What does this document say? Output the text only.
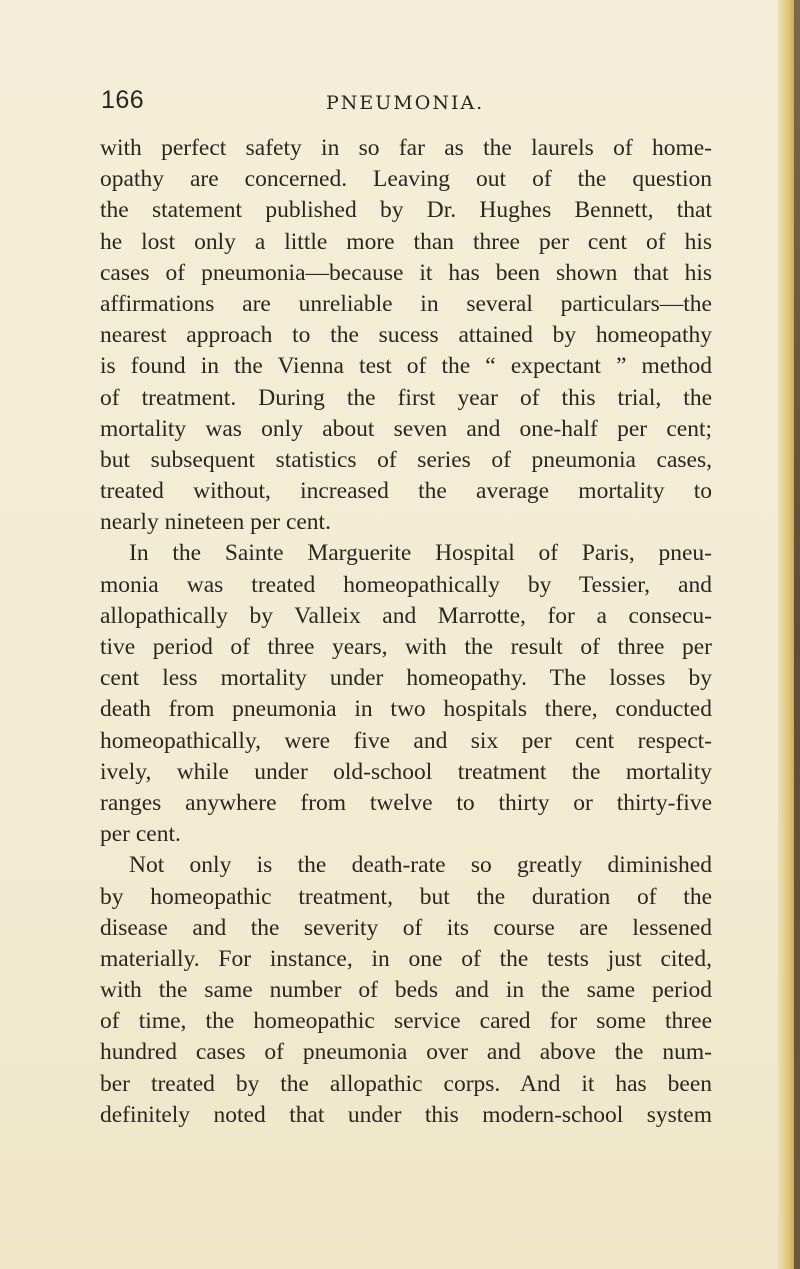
166	PNEUMONIA.
with perfect safety in so far as the laurels of home-
opathy are concerned. Leaving out of the question
the statement published by Dr. Hughes Bennett, that
he lost only a little more than three per cent of his
cases of pneumonia—because it has been shown that his
affirmations are unreliable in several particulars—the
nearest approach to the sucess attained by homeopathy
is found in the Vienna test of the “ expectant ” method
of treatment. During the first year of this trial, the
mortality was only about seven and one-half per cent;
but subsequent statistics of series of pneumonia cases,
treated without, increased the average mortality to
nearly nineteen per cent.
In the Sainte Marguerite Hospital of Paris, pneu-
monia was treated homeopathically by Tessier, and
allopathically by Valleix and Marrotte, for a consecu-
tive period of three years, with the result of three per
cent less mortality under homeopathy. The losses by
death from pneumonia in two hospitals there, conducted
homeopathically, were five and six per cent respect-
ively, while under old-school treatment the mortality
ranges anywhere from twelve to thirty or thirty-five
per cent.
Not only is the death-rate so greatly diminished
by homeopathic treatment, but the duration of the
disease and the severity of its course are lessened
materially. For instance, in one of the tests just cited,
with the same number of beds and in the same period
of time, the homeopathic service cared for some three
hundred cases of pneumonia over and above the num-
ber treated by the allopathic corps. And it has been
definitely noted that under this modern-school system
